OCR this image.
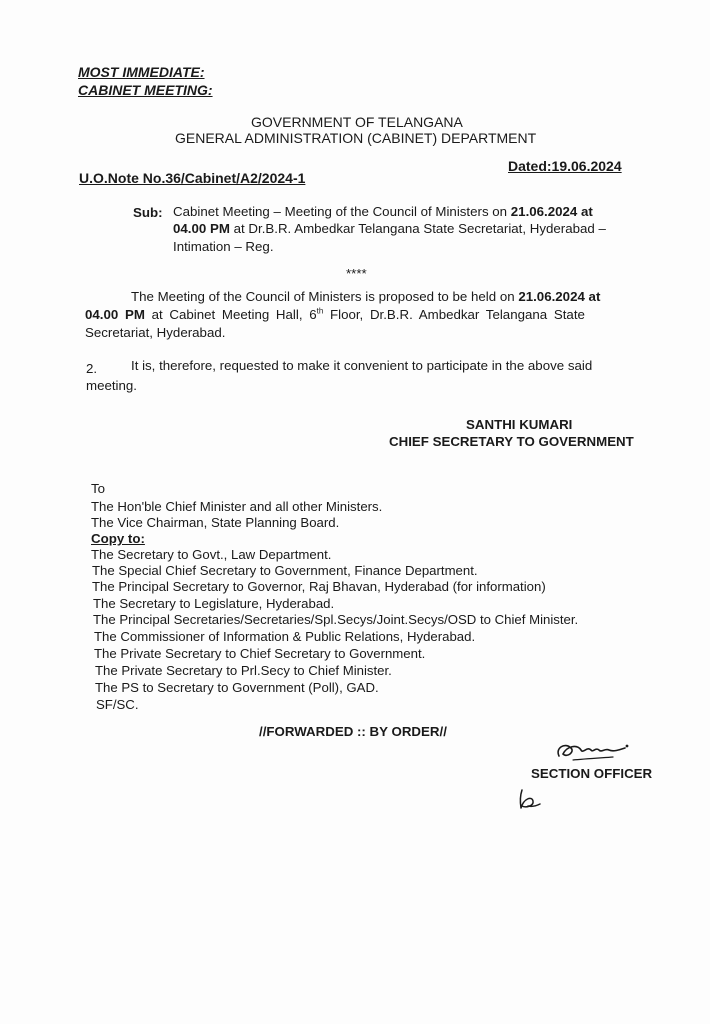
MOST IMMEDIATE:
CABINET MEETING:
GOVERNMENT OF TELANGANA
GENERAL ADMINISTRATION (CABINET) DEPARTMENT
U.O.Note No.36/Cabinet/A2/2024-1
Dated:19.06.2024
Sub: Cabinet Meeting – Meeting of the Council of Ministers on 21.06.2024 at
04.00 PM at Dr.B.R. Ambedkar Telangana State Secretariat, Hyderabad –
Intimation – Reg.
****
The Meeting of the Council of Ministers is proposed to be held on 21.06.2024 at
04.00 PM at Cabinet Meeting Hall, 6th Floor, Dr.B.R. Ambedkar Telangana State
Secretariat, Hyderabad.
2.	It is, therefore, requested to make it convenient to participate in the above said
meeting.
SANTHI KUMARI
CHIEF SECRETARY TO GOVERNMENT
To
The Hon'ble Chief Minister and all other Ministers.
The Vice Chairman, State Planning Board.
Copy to:
The Secretary to Govt., Law Department.
The Special Chief Secretary to Government, Finance Department.
The Principal Secretary to Governor, Raj Bhavan, Hyderabad (for information)
The Secretary to Legislature, Hyderabad.
The Principal Secretaries/Secretaries/Spl.Secys/Joint.Secys/OSD to Chief Minister.
The Commissioner of Information & Public Relations, Hyderabad.
The Private Secretary to Chief Secretary to Government.
The Private Secretary to Prl.Secy to Chief Minister.
The PS to Secretary to Government (Poll), GAD.
SF/SC.
//FORWARDED :: BY ORDER//
SECTION OFFICER
